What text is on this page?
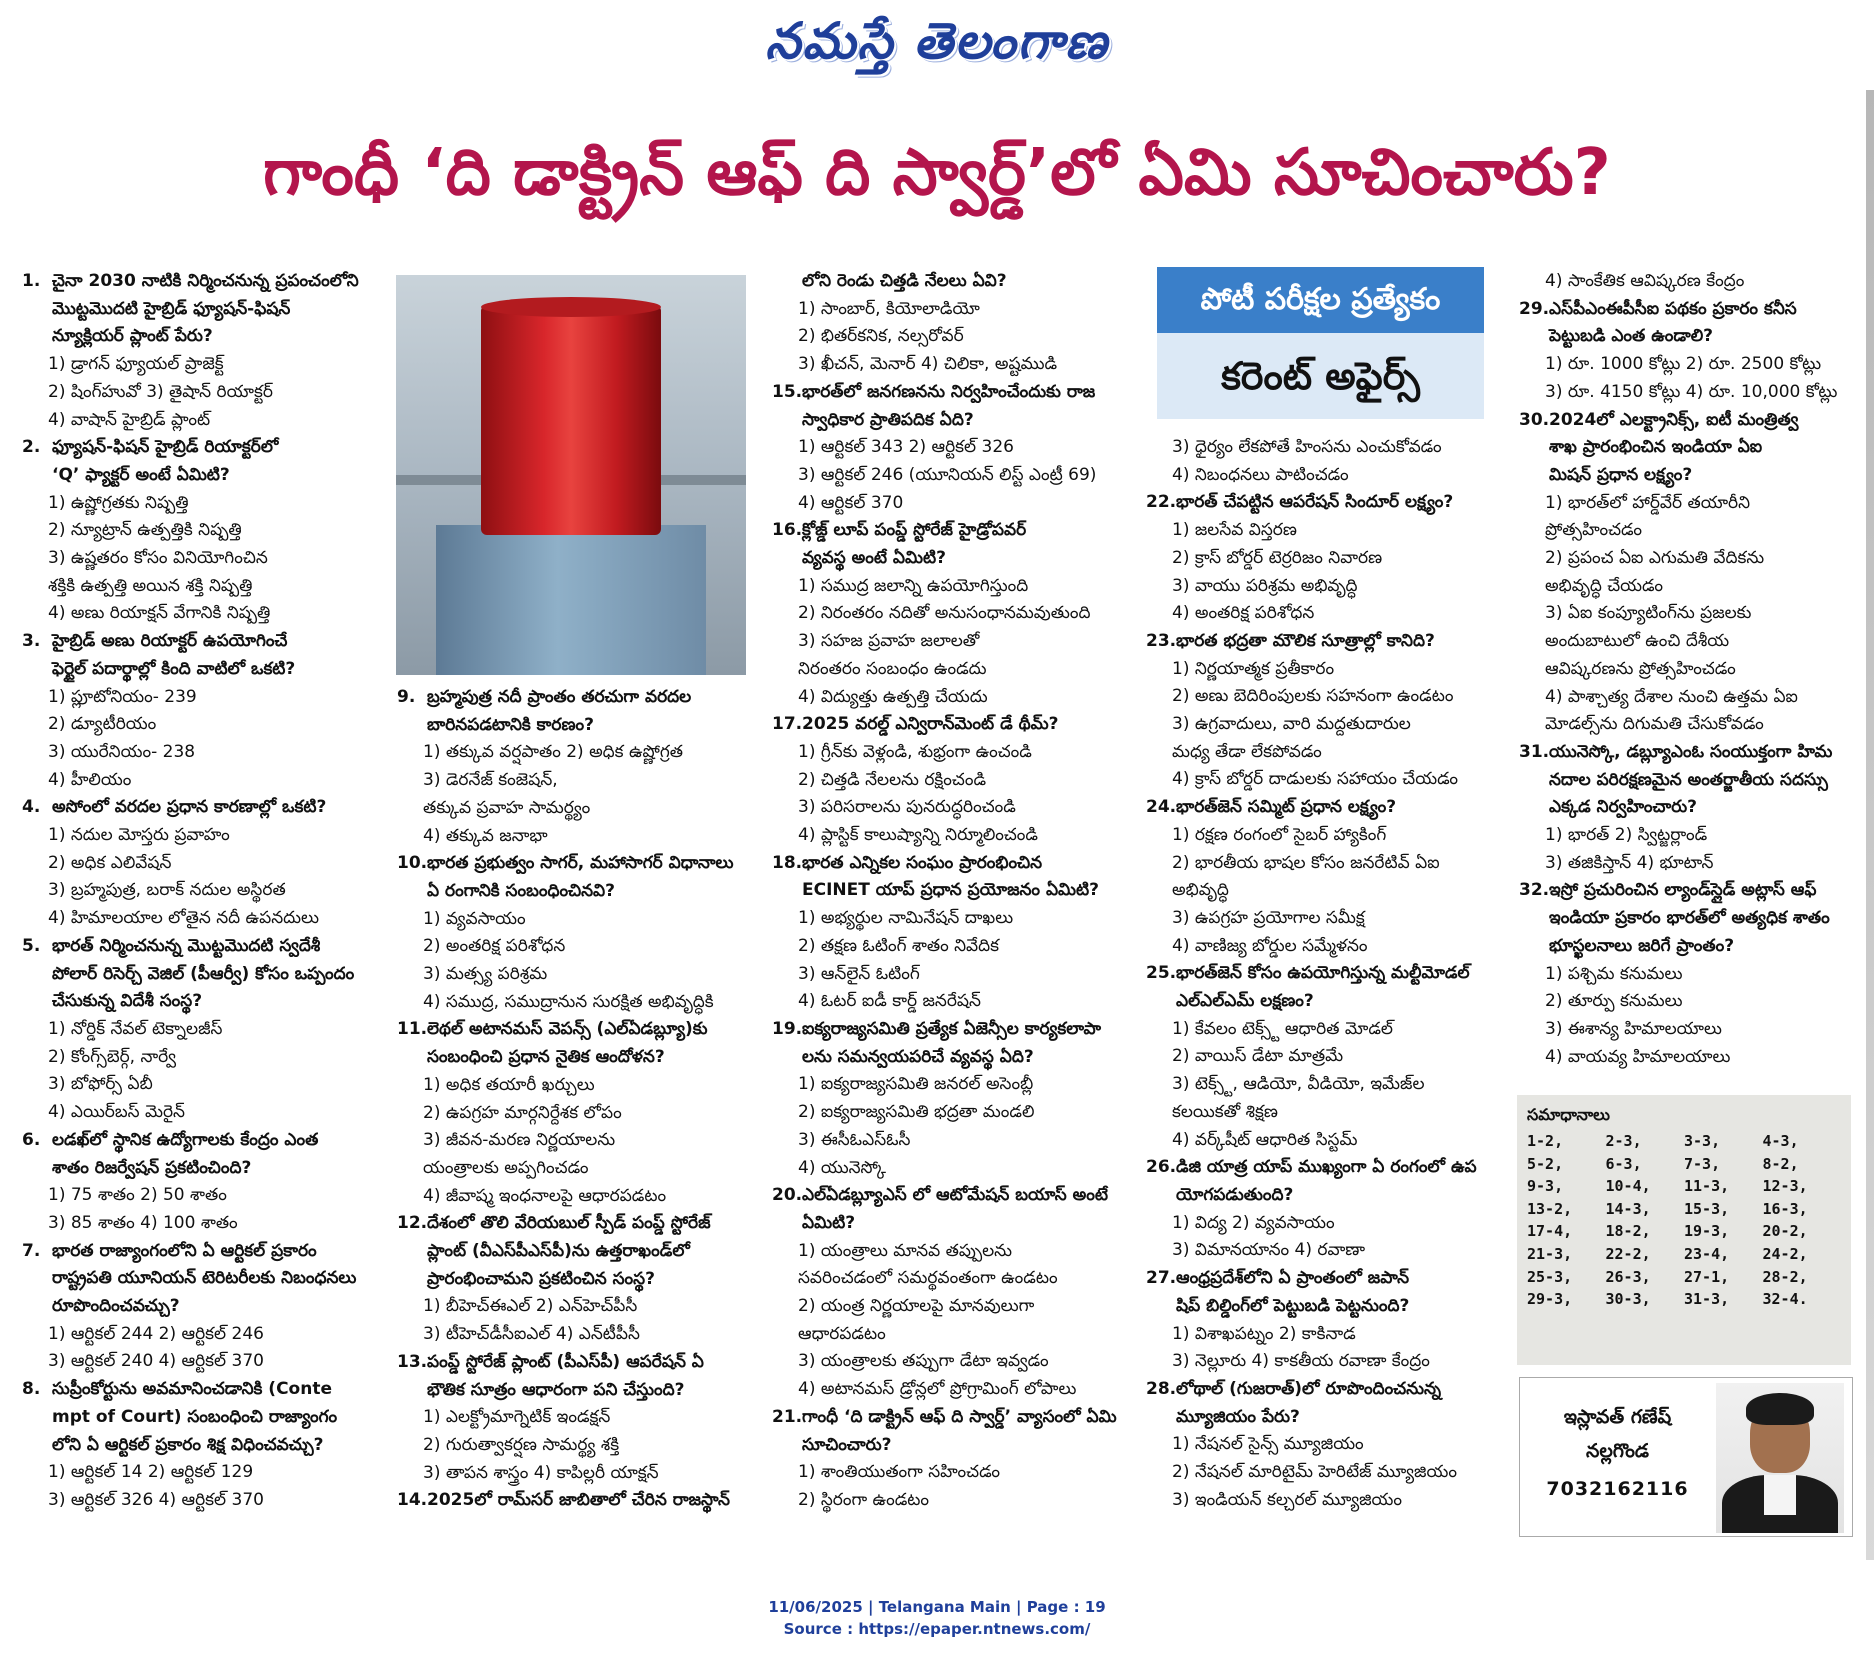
నమస్తే తెలంగాణ
గాంధీ ‘ది డాక్ట్రిన్ ఆఫ్ ది స్వార్డ్’లో ఏమి సూచించారు?
పోటీ పరీక్షల ప్రత్యేకం
కరెంట్ అఫైర్స్
1. చైనా 2030 నాటికి నిర్మించనున్న ప్రపంచంలోని
మొట్టమొదటి హైబ్రిడ్ ఫ్యూషన్-ఫిషన్
న్యూక్లియర్ ప్లాంట్ పేరు?
1) డ్రాగన్ ఫ్యూయల్ ప్రాజెక్ట్
2) షింగ్‌హువో 3) తైషాన్ రియాక్టర్
4) వాషాన్ హైబ్రిడ్ ప్లాంట్
2. ఫ్యూషన్-ఫిషన్ హైబ్రిడ్ రియాక్టర్‌లో
‘Q’ ఫ్యాక్టర్ అంటే ఏమిటి?
1) ఉష్ణోగ్రతకు నిష్పత్తి
2) న్యూట్రాన్ ఉత్పత్తికి నిష్పత్తి
3) ఉష్ణతరం కోసం వినియోగించిన
శక్తికి ఉత్పత్తి అయిన శక్తి నిష్పత్తి
4) అణు రియాక్షన్ వేగానికి నిష్పత్తి
3. హైబ్రిడ్ అణు రియాక్టర్ ఉపయోగించే
ఫెర్టైల్ పదార్థాల్లో కింది వాటిలో ఒకటి?
1) ప్లూటోనియం- 239
2) డ్యూటీరియం
3) యురేనియం- 238
4) హీలియం
4. అసోంలో వరదల ప్రధాన కారణాల్లో ఒకటి?
1) నదుల మోస్తరు ప్రవాహం
2) అధిక ఎలివేషన్
3) బ్రహ్మపుత్ర, బరాక్ నదుల అస్థిరత
4) హిమాలయాల లోతైన నదీ ఉపనదులు
5. భారత్ నిర్మించనున్న మొట్టమొదటి స్వదేశీ
పోలార్ రిసెర్చ్ వెజిల్ (పీఆర్వీ) కోసం ఒప్పందం
చేసుకున్న విదేశీ సంస్థ?
1) నోర్డిక్ నేవల్ టెక్నాలజీస్
2) కోంగ్స్‌బెర్గ్, నార్వే
3) బోఫోర్స్ ఏబీ
4) ఎయిర్‌బస్ మెరైన్
6. లడఖ్‌లో స్థానిక ఉద్యోగాలకు కేంద్రం ఎంత
శాతం రిజర్వేషన్ ప్రకటించింది?
1) 75 శాతం 2) 50 శాతం
3) 85 శాతం 4) 100 శాతం
7. భారత రాజ్యాంగంలోని ఏ ఆర్టికల్ ప్రకారం
రాష్ట్రపతి యూనియన్ టెరిటరీలకు నిబంధనలు
రూపొందించవచ్చు?
1) ఆర్టికల్ 244 2) ఆర్టికల్ 246
3) ఆర్టికల్ 240 4) ఆర్టికల్ 370
8. సుప్రీంకోర్టును అవమానించడానికి (Conte
mpt of Court) సంబంధించి రాజ్యాంగం
లోని ఏ ఆర్టికల్ ప్రకారం శిక్ష విధించవచ్చు?
1) ఆర్టికల్ 14 2) ఆర్టికల్ 129
3) ఆర్టికల్ 326 4) ఆర్టికల్ 370
9. బ్రహ్మపుత్ర నదీ ప్రాంతం తరచుగా వరదల
బారినపడటానికి కారణం?
1) తక్కువ వర్షపాతం 2) అధిక ఉష్ణోగ్రత
3) డెరనేజ్ కంజెషన్,
తక్కువ ప్రవాహ సామర్థ్యం
4) తక్కువ జనాభా
10.భారత ప్రభుత్వం సాగర్, మహాసాగర్ విధానాలు
ఏ రంగానికి సంబంధించినవి?
1) వ్యవసాయం
2) అంతరిక్ష పరిశోధన
3) మత్స్య పరిశ్రమ
4) సముద్ర, సముద్రానున సురక్షిత అభివృద్ధికి
11.లెథల్ అటానమస్ వెపన్స్ (ఎల్ఏడబ్ల్యూ)కు
సంబంధించి ప్రధాన నైతిక ఆందోళన?
1) అధిక తయారీ ఖర్చులు
2) ఉపగ్రహ మార్గనిర్దేశక లోపం
3) జీవన-మరణ నిర్ణయాలను
యంత్రాలకు అప్పగించడం
4) జీవాష్మ ఇంధనాలపై ఆధారపడటం
12.దేశంలో తొలి వేరియబుల్ స్పీడ్ పంప్డ్ స్టోరేజ్
ప్లాంట్ (వీఎస్‌పీఎస్‌పీ)ను ఉత్తరాఖండ్‌లో
ప్రారంభించామని ప్రకటించిన సంస్థ?
1) బీహెచ్ఈఎల్ 2) ఎన్‌హెచ్‌పీసీ
3) టీహెచ్‌డీసీఐఎల్ 4) ఎన్‌టీపీసీ
13.పంప్డ్ స్టోరేజ్ ప్లాంట్ (పీఎస్‌పీ) ఆపరేషన్ ఏ
భౌతిక సూత్రం ఆధారంగా పని చేస్తుంది?
1) ఎలక్ట్రోమాగ్నెటిక్ ఇండక్షన్
2) గురుత్వాకర్షణ సామర్థ్య శక్తి
3) తాపన శాస్త్రం 4) కాపిల్లరీ యాక్షన్
14.2025లో రామ్‌సర్ జాబితాలో చేరిన రాజస్థాన్
లోని రెండు చిత్తడి నేలలు ఏవి?
1) సాంబార్, కియోలాడియో
2) భితర్‌కనిక, నల్సరోవర్
3) ఖీచన్, మెనార్ 4) చిలికా, అష్టముడి
15.భారత్‌లో జనగణనను నిర్వహించేందుకు రాజ
స్వాధికార ప్రాతిపదిక ఏది?
1) ఆర్టికల్ 343 2) ఆర్టికల్ 326
3) ఆర్టికల్ 246 (యూనియన్ లిస్ట్ ఎంట్రీ 69)
4) ఆర్టికల్ 370
16.క్లోజ్డ్ లూప్ పంప్డ్ స్టోరేజ్ హైడ్రోపవర్
వ్యవస్థ అంటే ఏమిటి?
1) సముద్ర జలాన్ని ఉపయోగిస్తుంది
2) నిరంతరం నదితో అనుసంధానమవుతుంది
3) సహజ ప్రవాహ జలాలతో
నిరంతరం సంబంధం ఉండదు
4) విద్యుత్తు ఉత్పత్తి చేయదు
17.2025 వరల్డ్ ఎన్విరాన్‌మెంట్ డే థీమ్?
1) గ్రీన్‌కు వెళ్లండి, శుభ్రంగా ఉంచండి
2) చిత్తడి నేలలను రక్షించండి
3) పరిసరాలను పునరుద్ధరించండి
4) ప్లాస్టిక్ కాలుష్యాన్ని నిర్మూలించండి
18.భారత ఎన్నికల సంఘం ప్రారంభించిన
ECINET యాప్ ప్రధాన ప్రయోజనం ఏమిటి?
1) అభ్యర్థుల నామినేషన్ దాఖలు
2) తక్షణ ఓటింగ్ శాతం నివేదిక
3) ఆన్‌లైన్ ఓటింగ్
4) ఓటర్ ఐడీ కార్డ్ జనరేషన్
19.ఐక్యరాజ్యసమితి ప్రత్యేక ఏజెన్సీల కార్యకలాపా
లను సమన్వయపరిచే వ్యవస్థ ఏది?
1) ఐక్యరాజ్యసమితి జనరల్ అసెంబ్లీ
2) ఐక్యరాజ్యసమితి భద్రతా మండలి
3) ఈసీఓఎస్ఓసీ
4) యునెస్కో
20.ఎల్ఏడబ్ల్యూఎస్ లో ఆటోమేషన్ బయాస్ అంటే
ఏమిటి?
1) యంత్రాలు మానవ తప్పులను
సవరించడంలో సమర్థవంతంగా ఉండటం
2) యంత్ర నిర్ణయాలపై మానవులుగా
ఆధారపడటం
3) యంత్రాలకు తప్పుగా డేటా ఇవ్వడం
4) అటానమస్ డ్రోన్లలో ప్రోగ్రామింగ్ లోపాలు
21.గాంధీ ‘ది డాక్ట్రిన్ ఆఫ్ ది స్వార్డ్’ వ్యాసంలో ఏమి
సూచించారు?
1) శాంతియుతంగా సహించడం
2) స్థిరంగా ఉండటం
3) ధైర్యం లేకపోతే హింసను ఎంచుకోవడం
4) నిబంధనలు పాటించడం
22.భారత్ చేపట్టిన ఆపరేషన్ సిందూర్ లక్ష్యం?
1) జలసేవ విస్తరణ
2) క్రాస్ బోర్డర్ టెర్రరిజం నివారణ
3) వాయు పరిశ్రమ అభివృద్ధి
4) అంతరిక్ష పరిశోధన
23.భారత భద్రతా మౌలిక సూత్రాల్లో కానిది?
1) నిర్ణయాత్మక ప్రతీకారం
2) అణు బెదిరింపులకు సహనంగా ఉండటం
3) ఉగ్రవాదులు, వారి మద్దతుదారుల
మధ్య తేడా లేకపోవడం
4) క్రాస్ బోర్డర్ దాడులకు సహాయం చేయడం
24.భారత్‌జెన్ సమ్మిట్ ప్రధాన లక్ష్యం?
1) రక్షణ రంగంలో సైబర్ హ్యాకింగ్
2) భారతీయ భాషల కోసం జనరేటివ్ ఏఐ
అభివృద్ధి
3) ఉపగ్రహ ప్రయోగాల సమీక్ష
4) వాణిజ్య బోర్డుల సమ్మేళనం
25.భారత్‌జెన్ కోసం ఉపయోగిస్తున్న మల్టీమోడల్
ఎల్ఎల్ఎమ్ లక్షణం?
1) కేవలం టెక్స్ట్ ఆధారిత మోడల్
2) వాయిస్ డేటా మాత్రమే
3) టెక్స్ట్, ఆడియో, వీడియో, ఇమేజ్‌ల
కలయికతో శిక్షణ
4) వర్క్‌షీట్ ఆధారిత సిస్టమ్
26.డిజి యాత్ర యాప్ ముఖ్యంగా ఏ రంగంలో ఉప
యోగపడుతుంది?
1) విద్య 2) వ్యవసాయం
3) విమానయానం 4) రవాణా
27.ఆంధ్రప్రదేశ్‌లోని ఏ ప్రాంతంలో జపాన్
షిప్ బిల్డింగ్‌లో పెట్టుబడి పెట్టనుంది?
1) విశాఖపట్నం 2) కాకినాడ
3) నెల్లూరు 4) కాకతీయ రవాణా కేంద్రం
28.లోథాల్ (గుజరాత్)లో రూపొందించనున్న
మ్యూజియం పేరు?
1) నేషనల్ సైన్స్ మ్యూజియం
2) నేషనల్ మారిటైమ్ హెరిటేజ్ మ్యూజియం
3) ఇండియన్ కల్చరల్ మ్యూజియం
4) సాంకేతిక ఆవిష్కరణ కేంద్రం
29.ఎస్‌పీఎంఈపీసీఐ పథకం ప్రకారం కనీస
పెట్టుబడి ఎంత ఉండాలి?
1) రూ. 1000 కోట్లు 2) రూ. 2500 కోట్లు
3) రూ. 4150 కోట్లు 4) రూ. 10,000 కోట్లు
30.2024లో ఎలక్ట్రానిక్స్, ఐటీ మంత్రిత్వ
శాఖ ప్రారంభించిన ఇండియా ఏఐ
మిషన్ ప్రధాన లక్ష్యం?
1) భారత్‌లో హార్డ్‌వేర్ తయారీని
ప్రోత్సహించడం
2) ప్రపంచ ఏఐ ఎగుమతి వేదికను
అభివృద్ధి చేయడం
3) ఏఐ కంప్యూటింగ్‌ను ప్రజలకు
అందుబాటులో ఉంచి దేశీయ
ఆవిష్కరణను ప్రోత్సహించడం
4) పాశ్చాత్య దేశాల నుంచి ఉత్తమ ఏఐ
మోడల్స్‌ను దిగుమతి చేసుకోవడం
31.యునెస్కో, డబ్ల్యూఎంఓ సంయుక్తంగా హిమ
నదాల పరిరక్షణమైన అంతర్జాతీయ సదస్సు
ఎక్కడ నిర్వహించారు?
1) భారత్ 2) స్విట్జర్లాండ్
3) తజికిస్తాన్ 4) భూటాన్
32.ఇస్రో ప్రచురించిన ల్యాండ్‌స్లైడ్ అట్లాస్ ఆఫ్
ఇండియా ప్రకారం భారత్‌లో అత్యధిక శాతం
భూస్ఖలనాలు జరిగే ప్రాంతం?
1) పశ్చిమ కనుమలు
2) తూర్పు కనుమలు
3) ఈశాన్య హిమాలయాలు
4) వాయవ్య హిమాలయాలు
సమాధానాలు
1-2,	2-3,	3-3,	4-3,
5-2,	6-3,	7-3,	8-2,
9-3,	10-4,	11-3,	12-3,
13-2,	14-3,	15-3,	16-3,
17-4,	18-2,	19-3,	20-2,
21-3,	22-2,	23-4,	24-2,
25-3,	26-3,	27-1,	28-2,
29-3,	30-3,	31-3,	32-4.
ఇస్లావత్ గణేష్
నల్లగొండ
7032162116
11/06/2025 | Telangana Main | Page : 19
Source : https://epaper.ntnews.com/
